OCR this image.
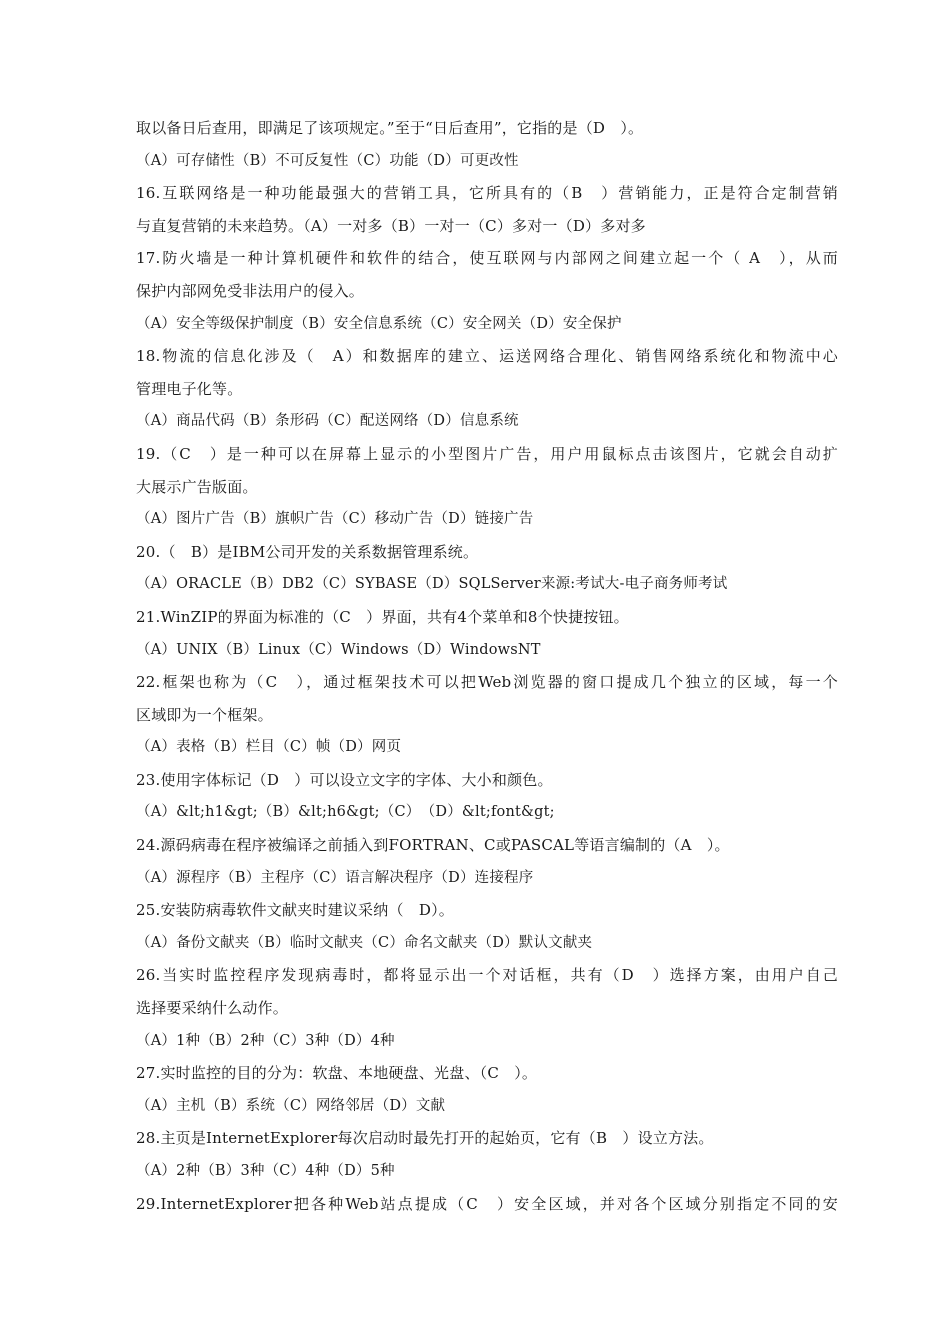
取以备日后查用，即满足了该项规定。”至于“日后查用”，它指的是（D　）。
（A）可存储性（B）不可反复性（C）功能（D）可更改性
16.互联网络是一种功能最强大的营销工具，它所具有的（B　）营销能力，正是符合定制营销
与直复营销的未来趋势。（A）一对多（B）一对一（C）多对一（D）多对多
17.防火墙是一种计算机硬件和软件的结合，使互联网与内部网之间建立起一个（ A　），从而
保护内部网免受非法用户的侵入。
（A）安全等级保护制度（B）安全信息系统（C）安全网关（D）安全保护
18.物流的信息化涉及（　A）和数据库的建立、运送网络合理化、销售网络系统化和物流中心
管理电子化等。
（A）商品代码（B）条形码（C）配送网络（D）信息系统
19.（C　）是一种可以在屏幕上显示的小型图片广告，用户用鼠标点击该图片，它就会自动扩
大展示广告版面。
（A）图片广告（B）旗帜广告（C）移动广告（D）链接广告
20.（　B）是IBM公司开发的关系数据管理系统。
（A）ORACLE（B）DB2（C）SYBASE（D）SQLServer来源:考试大-电子商务师考试
21.WinZIP的界面为标准的（C　）界面，共有4个菜单和8个快捷按钮。
（A）UNIX（B）Linux（C）Windows（D）WindowsNT
22.框架也称为（C　），通过框架技术可以把Web浏览器的窗口提成几个独立的区域，每一个
区域即为一个框架。
（A）表格（B）栏目（C）帧（D）网页
23.使用字体标记（D　）可以设立文字的字体、大小和颜色。
（A）&lt;h1&gt;（B）&lt;h6&gt;（C）　（D）&lt;font&gt;
24.源码病毒在程序被编译之前插入到FORTRAN、C或PASCAL等语言编制的（A　）。
（A）源程序（B）主程序（C）语言解决程序（D）连接程序
25.安装防病毒软件文献夹时建议采纳（　D）。
（A）备份文献夹（B）临时文献夹（C）命名文献夹（D）默认文献夹
26.当实时监控程序发现病毒时，都将显示出一个对话框，共有（D　）选择方案，由用户自己
选择要采纳什么动作。
（A）1种（B）2种（C）3种（D）4种
27.实时监控的目的分为：软盘、本地硬盘、光盘、（C　）。
（A）主机（B）系统（C）网络邻居（D）文献
28.主页是InternetExplorer每次启动时最先打开的起始页，它有（B　）设立方法。
（A）2种（B）3种（C）4种（D）5种
29.InternetExplorer把各种Web站点提成（C　）安全区域，并对各个区域分别指定不同的安
